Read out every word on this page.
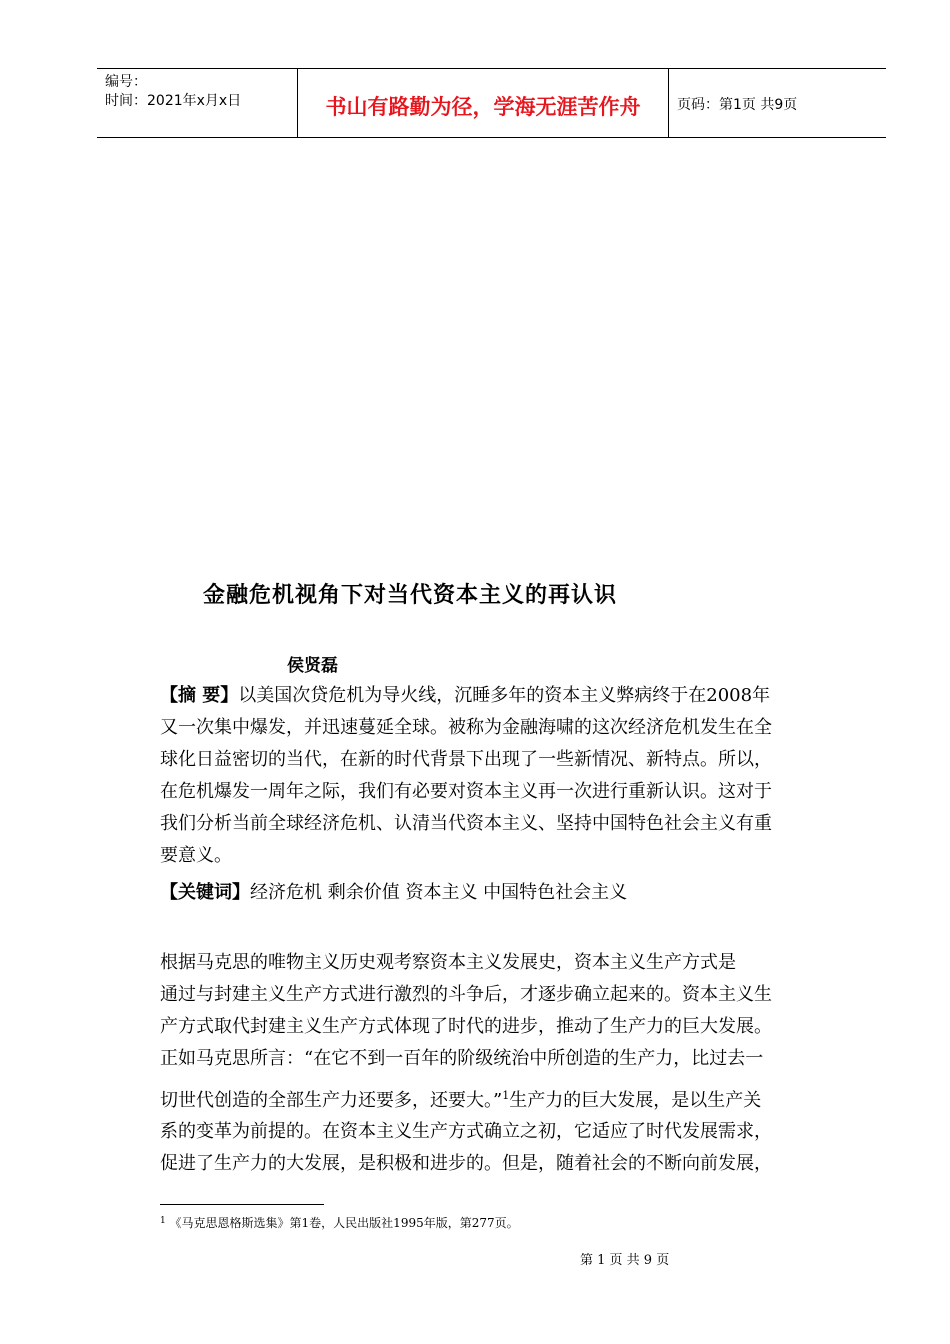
编号：
时间：2021年x月x日	书山有路勤为径，学海无涯苦作舟	页码：第1页 共9页
金融危机视角下对当代资本主义的再认识
侯贤磊
【摘 要】以美国次贷危机为导火线，沉睡多年的资本主义弊病终于在2008年
又一次集中爆发，并迅速蔓延全球。被称为金融海啸的这次经济危机发生在全
球化日益密切的当代，在新的时代背景下出现了一些新情况、新特点。所以，
在危机爆发一周年之际，我们有必要对资本主义再一次进行重新认识。这对于
我们分析当前全球经济危机、认清当代资本主义、坚持中国特色社会主义有重
要意义。
【关键词】经济危机 剩余价值 资本主义 中国特色社会主义
根据马克思的唯物主义历史观考察资本主义发展史，资本主义生产方式是
通过与封建主义生产方式进行激烈的斗争后，才逐步确立起来的。资本主义生
产方式取代封建主义生产方式体现了时代的进步，推动了生产力的巨大发展。
正如马克思所言：“在它不到一百年的阶级统治中所创造的生产力，比过去一
切世代创造的全部生产力还要多，还要大。”$^1$生产力的巨大发展，是以生产关
系的变革为前提的。在资本主义生产方式确立之初，它适应了时代发展需求，
促进了生产力的大发展，是积极和进步的。但是，随着社会的不断向前发展，
$^1$ 《马克思恩格斯选集》第1卷，人民出版社1995年版，第277页。
第 1 页 共 9 页
